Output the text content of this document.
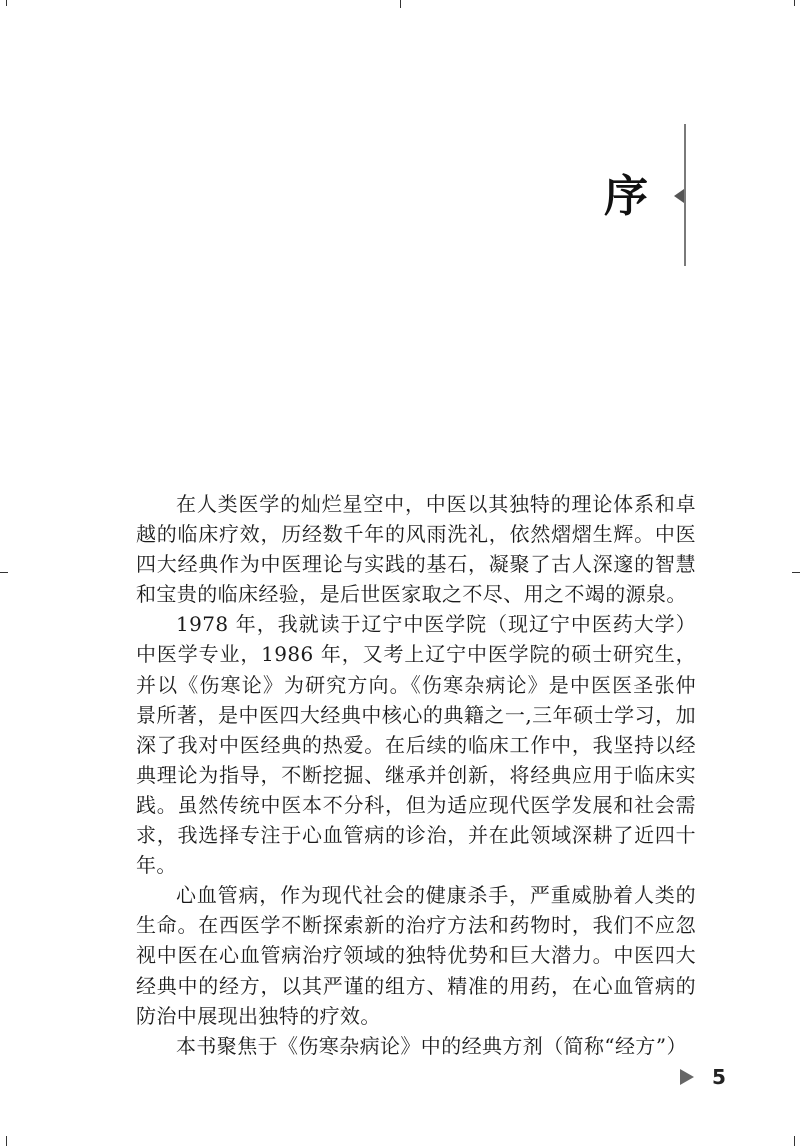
序

在人类医学的灿烂星空中，中医以其独特的理论体系和卓越的临床疗效，历经数千年的风雨洗礼，依然熠熠生辉。中医四大经典作为中医理论与实践的基石，凝聚了古人深邃的智慧和宝贵的临床经验，是后世医家取之不尽、用之不竭的源泉。

1978 年，我就读于辽宁中医学院（现辽宁中医药大学）中医学专业，1986 年，又考上辽宁中医学院的硕士研究生，并以《伤寒论》为研究方向。《伤寒杂病论》是中医医圣张仲景所著，是中医四大经典中核心的典籍之一,三年硕士学习，加深了我对中医经典的热爱。在后续的临床工作中，我坚持以经典理论为指导，不断挖掘、继承并创新，将经典应用于临床实践。虽然传统中医本不分科，但为适应现代医学发展和社会需求，我选择专注于心血管病的诊治，并在此领域深耕了近四十年。

心血管病，作为现代社会的健康杀手，严重威胁着人类的生命。在西医学不断探索新的治疗方法和药物时，我们不应忽视中医在心血管病治疗领域的独特优势和巨大潜力。中医四大经典中的经方，以其严谨的组方、精准的用药，在心血管病的防治中展现出独特的疗效。

本书聚焦于《伤寒杂病论》中的经典方剂（简称“经方”）

5
